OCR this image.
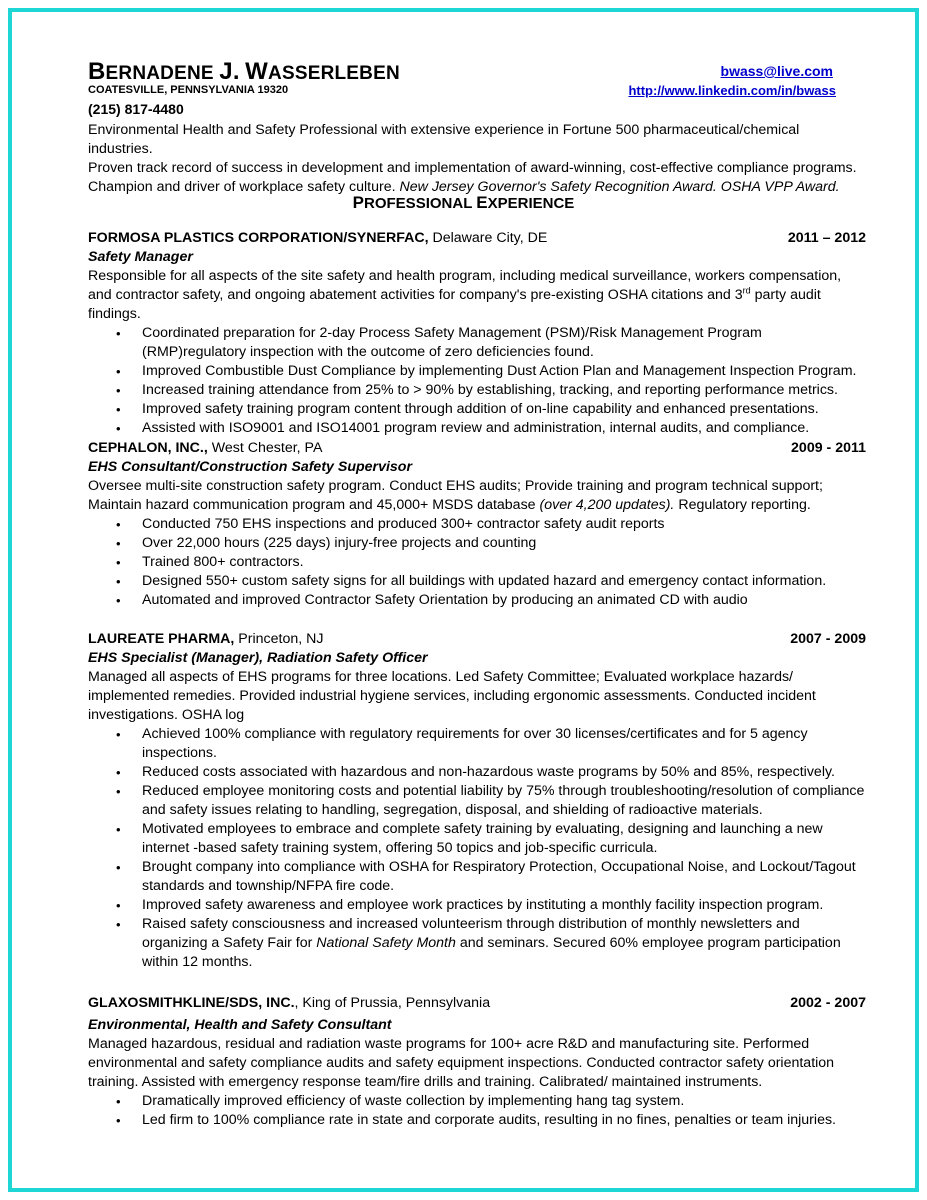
BERNADENE J. WASSERLEBEN
COATESVILLE, PENNSYLVANIA 19320
(215) 817-4480
bwass@live.com
http://www.linkedin.com/in/bwass
Environmental Health and Safety Professional with extensive experience in Fortune 500 pharmaceutical/chemical industries.
Proven track record of success in development and implementation of award-winning, cost-effective compliance programs.
Champion and driver of workplace safety culture. New Jersey Governor's Safety Recognition Award. OSHA VPP Award.
PROFESSIONAL EXPERIENCE
FORMOSA PLASTICS CORPORATION/SYNERFAC, Delaware City, DE	2011 – 2012
Safety Manager

Responsible for all aspects of the site safety and health program, including medical surveillance, workers compensation, and contractor safety, and ongoing abatement activities for company's pre-existing OSHA citations and 3rd party audit findings.

• Coordinated preparation for 2-day Process Safety Management (PSM)/Risk Management Program (RMP)regulatory inspection with the outcome of zero deficiencies found.
• Improved Combustible Dust Compliance by implementing Dust Action Plan and Management Inspection Program.
• Increased training attendance from 25% to > 90% by establishing, tracking, and reporting performance metrics.
• Improved safety training program content through addition of on-line capability and enhanced presentations.
• Assisted with ISO9001 and ISO14001 program review and administration, internal audits, and compliance.
CEPHALON, INC., West Chester, PA	2009 - 2011
EHS Consultant/Construction Safety Supervisor

Oversee multi-site construction safety program. Conduct EHS audits; Provide training and program technical support; Maintain hazard communication program and 45,000+ MSDS database (over 4,200 updates). Regulatory reporting.

• Conducted 750 EHS inspections and produced 300+ contractor safety audit reports
• Over 22,000 hours (225 days) injury-free projects and counting
• Trained 800+ contractors.
• Designed 550+ custom safety signs for all buildings with updated hazard and emergency contact information.
• Automated and improved Contractor Safety Orientation by producing an animated CD with audio
LAUREATE PHARMA, Princeton, NJ	2007 - 2009
EHS Specialist (Manager), Radiation Safety Officer

Managed all aspects of EHS programs for three locations. Led Safety Committee; Evaluated workplace hazards/ implemented remedies. Provided industrial hygiene services, including ergonomic assessments. Conducted incident investigations. OSHA log

• Achieved 100% compliance with regulatory requirements for over 30 licenses/certificates and for 5 agency inspections.
• Reduced costs associated with hazardous and non-hazardous waste programs by 50% and 85%, respectively.
• Reduced employee monitoring costs and potential liability by 75% through troubleshooting/resolution of compliance and safety issues relating to handling, segregation, disposal, and shielding of radioactive materials.
• Motivated employees to embrace and complete safety training by evaluating, designing and launching a new internet -based safety training system, offering 50 topics and job-specific curricula.
• Brought company into compliance with OSHA for Respiratory Protection, Occupational Noise, and Lockout/Tagout standards and township/NFPA fire code.
• Improved safety awareness and employee work practices by instituting a monthly facility inspection program.
• Raised safety consciousness and increased volunteerism through distribution of monthly newsletters and organizing a Safety Fair for National Safety Month and seminars. Secured 60% employee program participation within 12 months.
GLAXOSMITHKLINE/SDS, INC., King of Prussia, Pennsylvania	2002 - 2007
Environmental, Health and Safety Consultant

Managed hazardous, residual and radiation waste programs for 100+ acre R&D and manufacturing site. Performed environmental and safety compliance audits and safety equipment inspections. Conducted contractor safety orientation training. Assisted with emergency response team/fire drills and training. Calibrated/ maintained instruments.

• Dramatically improved efficiency of waste collection by implementing hang tag system.
• Led firm to 100% compliance rate in state and corporate audits, resulting in no fines, penalties or team injuries.
